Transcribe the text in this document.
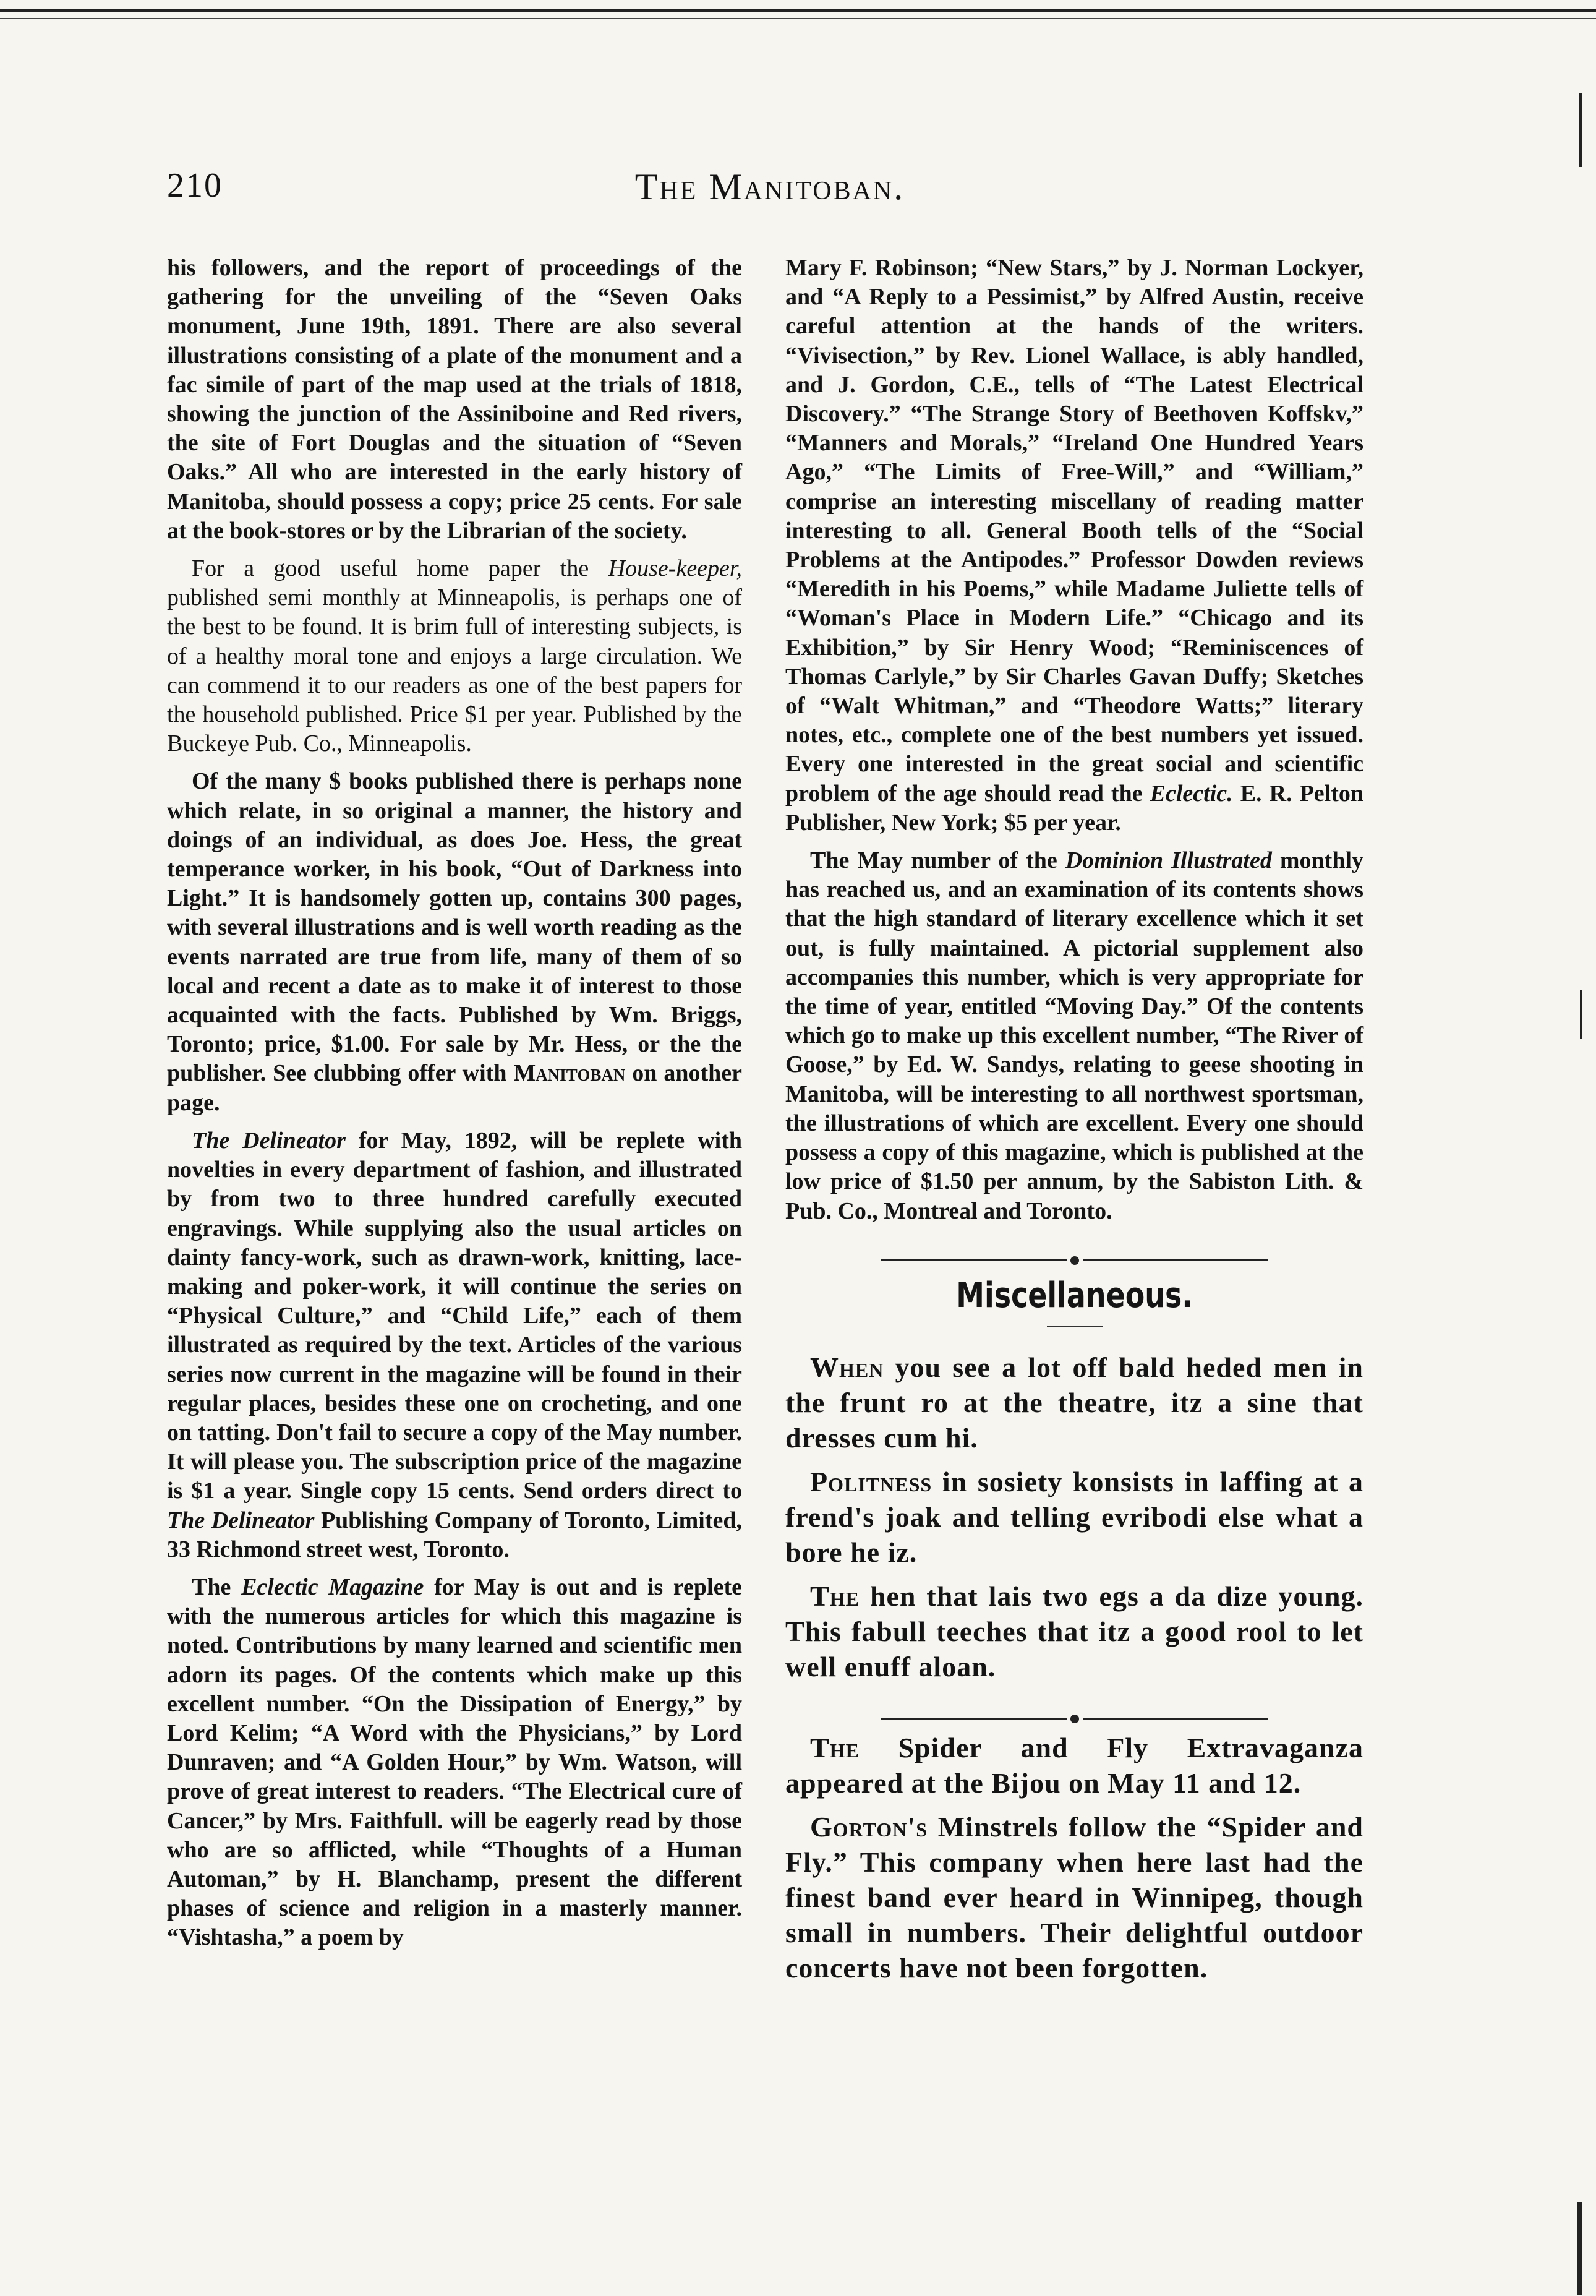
210	The Manitoban.

his followers, and the report of proceedings of the gathering for the unveiling of the “Seven Oaks monument, June 19th, 1891. There are also several illustrations consisting of a plate of the monument and a fac simile of part of the map used at the trials of 1818, showing the junction of the Assiniboine and Red rivers, the site of Fort Douglas and the situation of “Seven Oaks.” All who are interested in the early history of Manitoba, should possess a copy; price 25 cents. For sale at the book-stores or by the Librarian of the society.

For a good useful home paper the House-keeper, published semi monthly at Minneapolis, is perhaps one of the best to be found. It is brim full of interesting subjects, is of a healthy moral tone and enjoys a large circulation. We can commend it to our readers as one of the best papers for the household published. Price $1 per year. Published by the Buckeye Pub. Co., Minneapolis.

Of the many $ books published there is perhaps none which relate, in so original a manner, the history and doings of an individual, as does Joe. Hess, the great temperance worker, in his book, “Out of Darkness into Light.” It is handsomely gotten up, contains 300 pages, with several illustrations and is well worth reading as the events narrated are true from life, many of them of so local and recent a date as to make it of interest to those acquainted with the facts. Published by Wm. Briggs, Toronto; price, $1.00. For sale by Mr. Hess, or the the publisher. See clubbing offer with Manitoban on another page.

The Delineator for May, 1892, will be replete with novelties in every department of fashion, and illustrated by from two to three hundred carefully executed engravings. While supplying also the usual articles on dainty fancy-work, such as drawn-work, knitting, lace-making and poker-work, it will continue the series on “Physical Culture,” and “Child Life,” each of them illustrated as required by the text. Articles of the various series now current in the magazine will be found in their regular places, besides these one on crocheting, and one on tatting. Don't fail to secure a copy of the May number. It will please you. The subscription price of the magazine is $1 a year. Single copy 15 cents. Send orders direct to The Delineator Publishing Company of Toronto, Limited, 33 Richmond street west, Toronto.

The Eclectic Magazine for May is out and is replete with the numerous articles for which this magazine is noted. Contributions by many learned and scientific men adorn its pages. Of the contents which make up this excellent number. “On the Dissipation of Energy,” by Lord Kelim; “A Word with the Physicians,” by Lord Dunraven; and “A Golden Hour,” by Wm. Watson, will prove of great interest to readers. “The Electrical cure of Cancer,” by Mrs. Faithfull. will be eagerly read by those who are so afflicted, while “Thoughts of a Human Automan,” by H. Blanchamp, present the different phases of science and religion in a masterly manner. “Vishtasha,” a poem by

Mary F. Robinson; “New Stars,” by J. Norman Lockyer, and “A Reply to a Pessimist,” by Alfred Austin, receive careful attention at the hands of the writers. “Vivisection,” by Rev. Lionel Wallace, is ably handled, and J. Gordon, C.E., tells of “The Latest Electrical Discovery.” “The Strange Story of Beethoven Koffskv,” “Manners and Morals,” “Ireland One Hundred Years Ago,” “The Limits of Free-Will,” and “William,” comprise an interesting miscellany of reading matter interesting to all. General Booth tells of the “Social Problems at the Antipodes.” Professor Dowden reviews “Meredith in his Poems,” while Madame Juliette tells of “Woman's Place in Modern Life.” “Chicago and its Exhibition,” by Sir Henry Wood; “Reminiscences of Thomas Carlyle,” by Sir Charles Gavan Duffy; Sketches of “Walt Whitman,” and “Theodore Watts;” literary notes, etc., complete one of the best numbers yet issued. Every one interested in the great social and scientific problem of the age should read the Eclectic. E. R. Pelton Publisher, New York; $5 per year.

The May number of the Dominion Illustrated monthly has reached us, and an examination of its contents shows that the high standard of literary excellence which it set out, is fully maintained. A pictorial supplement also accompanies this number, which is very appropriate for the time of year, entitled “Moving Day.” Of the contents which go to make up this excellent number, “The River of Goose,” by Ed. W. Sandys, relating to geese shooting in Manitoba, will be interesting to all northwest sportsman, the illustrations of which are excellent. Every one should possess a copy of this magazine, which is published at the low price of $1.50 per annum, by the Sabiston Lith. & Pub. Co., Montreal and Toronto.

Miscellaneous.

When you see a lot off bald heded men in the frunt ro at the theatre, itz a sine that dresses cum hi.

Politness in sosiety konsists in laffing at a frend's joak and telling evribodi else what a bore he iz.

The hen that lais two egs a da dize young. This fabull teeches that itz a good rool to let well enuff aloan.

The Spider and Fly Extravaganza appeared at the Bijou on May 11 and 12.

Gorton's Minstrels follow the “Spider and Fly.” This company when here last had the finest band ever heard in Winnipeg, though small in numbers. Their delightful outdoor concerts have not been forgotten.
